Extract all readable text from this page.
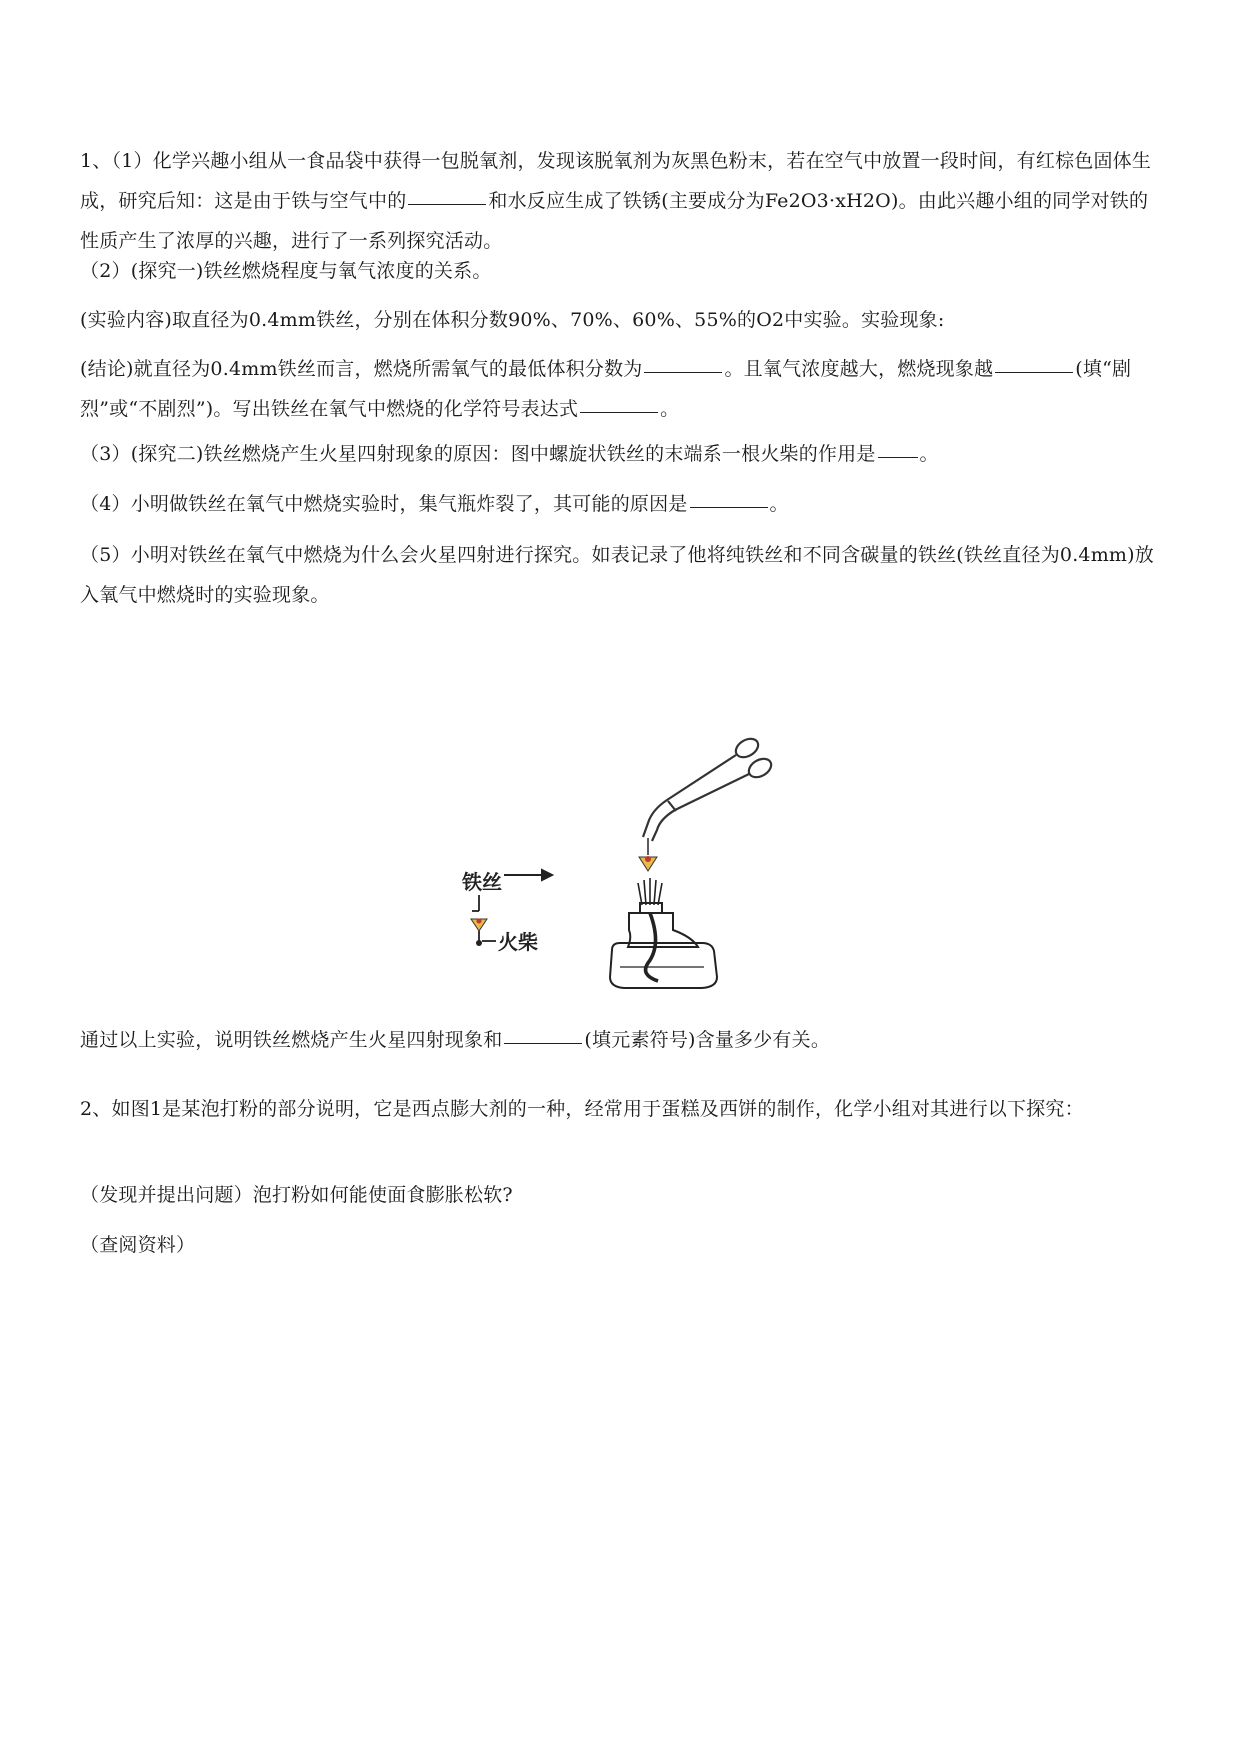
1、（1）化学兴趣小组从一食品袋中获得一包脱氧剂，发现该脱氧剂为灰黑色粉末，若在空气中放置一段时间，有红棕色固体生成，研究后知：这是由于铁与空气中的	和水反应生成了铁锈(主要成分为Fe2O3·xH2O)。由此兴趣小组的同学对铁的性质产生了浓厚的兴趣，进行了一系列探究活动。

（2）(探究一)铁丝燃烧程度与氧气浓度的关系。

(实验内容)取直径为0.4mm铁丝，分别在体积分数90%、70%、60%、55%的O2中实验。实验现象:

(结论)就直径为0.4mm铁丝而言，燃烧所需氧气的最低体积分数为	。且氧气浓度越大，燃烧现象越	(填“剧烈”或“不剧烈”)。写出铁丝在氧气中燃烧的化学符号表达式	。

（3）(探究二)铁丝燃烧产生火星四射现象的原因：图中螺旋状铁丝的末端系一根火柴的作用是 。

（4）小明做铁丝在氧气中燃烧实验时，集气瓶炸裂了，其可能的原因是	。

（5）小明对铁丝在氧气中燃烧为什么会火星四射进行探究。如表记录了他将纯铁丝和不同含碳量的铁丝(铁丝直径为0.4mm)放入氧气中燃烧时的实验现象。

铁丝
火柴

通过以上实验，说明铁丝燃烧产生火星四射现象和	(填元素符号)含量多少有关。

2、如图1是某泡打粉的部分说明，它是西点膨大剂的一种，经常用于蛋糕及西饼的制作，化学小组对其进行以下探究：

（发现并提出问题）泡打粉如何能使面食膨胀松软?

（查阅资料）
